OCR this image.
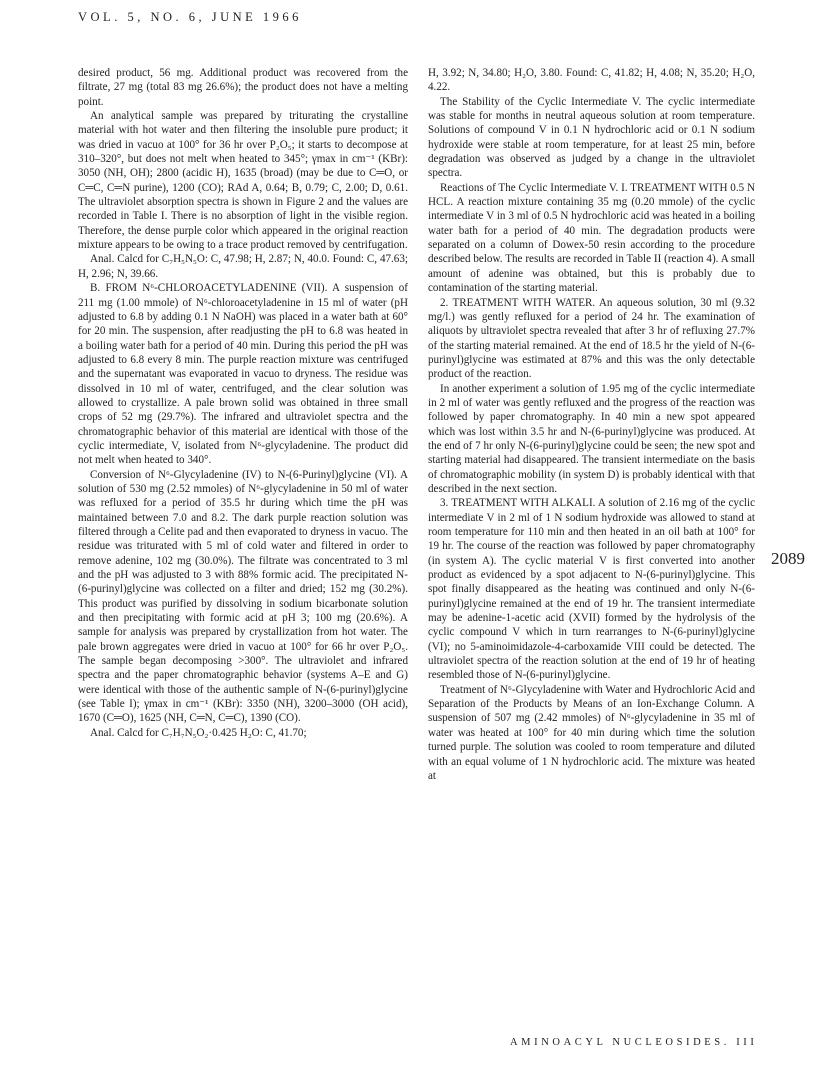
VOL. 5, NO. 6, JUNE 1966

desired product, 56 mg. Additional product was recovered from the filtrate, 27 mg (total 83 mg 26.6%); the product does not have a melting point.

An analytical sample was prepared by triturating the crystalline material with hot water and then filtering the insoluble pure product; it was dried in vacuo at 100° for 36 hr over P₂O₅; it starts to decompose at 310–320°, but does not melt when heated to 345°; γmax in cm⁻¹ (KBr): 3050 (NH, OH); 2800 (acidic H), 1635 (broad) (may be due to C═O, or C═C, C═N purine), 1200 (CO); RAd A, 0.64; B, 0.79; C, 2.00; D, 0.61. The ultraviolet absorption spectra is shown in Figure 2 and the values are recorded in Table I. There is no absorption of light in the visible region. Therefore, the dense purple color which appeared in the original reaction mixture appears to be owing to a trace product removed by centrifugation.

Anal. Calcd for C₇H₅N₅O: C, 47.98; H, 2.87; N, 40.0. Found: C, 47.63; H, 2.96; N, 39.66.

B. FROM N⁶-CHLOROACETYLADENINE (VII). A suspension of 211 mg (1.00 mmole) of N⁶-chloroacetyladenine in 15 ml of water (pH adjusted to 6.8 by adding 0.1 N NaOH) was placed in a water bath at 60° for 20 min. The suspension, after readjusting the pH to 6.8 was heated in a boiling water bath for a period of 40 min. During this period the pH was adjusted to 6.8 every 8 min. The purple reaction mixture was centrifuged and the supernatant was evaporated in vacuo to dryness. The residue was dissolved in 10 ml of water, centrifuged, and the clear solution was allowed to crystallize. A pale brown solid was obtained in three small crops of 52 mg (29.7%). The infrared and ultraviolet spectra and the chromatographic behavior of this material are identical with those of the cyclic intermediate, V, isolated from N⁶-glycyladenine. The product did not melt when heated to 340°.

Conversion of N⁶-Glycyladenine (IV) to N-(6-Purinyl)glycine (VI). A solution of 530 mg (2.52 mmoles) of N⁶-glycyladenine in 50 ml of water was refluxed for a period of 35.5 hr during which time the pH was maintained between 7.0 and 8.2. The dark purple reaction solution was filtered through a Celite pad and then evaporated to dryness in vacuo. The residue was triturated with 5 ml of cold water and filtered in order to remove adenine, 102 mg (30.0%). The filtrate was concentrated to 3 ml and the pH was adjusted to 3 with 88% formic acid. The precipitated N-(6-purinyl)glycine was collected on a filter and dried; 152 mg (30.2%). This product was purified by dissolving in sodium bicarbonate solution and then precipitating with formic acid at pH 3; 100 mg (20.6%). A sample for analysis was prepared by crystallization from hot water. The pale brown aggregates were dried in vacuo at 100° for 66 hr over P₂O₅. The sample began decomposing >300°. The ultraviolet and infrared spectra and the paper chromatographic behavior (systems A–E and G) were identical with those of the authentic sample of N-(6-purinyl)glycine (see Table I); γmax in cm⁻¹ (KBr): 3350 (NH), 3200–3000 (OH acid), 1670 (C═O), 1625 (NH, C═N, C═C), 1390 (CO).

Anal. Calcd for C₇H₇N₅O₂·0.425 H₂O: C, 41.70;

H, 3.92; N, 34.80; H₂O, 3.80. Found: C, 41.82; H, 4.08; N, 35.20; H₂O, 4.22.

The Stability of the Cyclic Intermediate V. The cyclic intermediate was stable for months in neutral aqueous solution at room temperature. Solutions of compound V in 0.1 N hydrochloric acid or 0.1 N sodium hydroxide were stable at room temperature, for at least 25 min, before degradation was observed as judged by a change in the ultraviolet spectra.

Reactions of The Cyclic Intermediate V. I. TREATMENT WITH 0.5 N HCL. A reaction mixture containing 35 mg (0.20 mmole) of the cyclic intermediate V in 3 ml of 0.5 N hydrochloric acid was heated in a boiling water bath for a period of 40 min. The degradation products were separated on a column of Dowex-50 resin according to the procedure described below. The results are recorded in Table II (reaction 4). A small amount of adenine was obtained, but this is probably due to contamination of the starting material.

2. TREATMENT WITH WATER. An aqueous solution, 30 ml (9.32 mg/l.) was gently refluxed for a period of 24 hr. The examination of aliquots by ultraviolet spectra revealed that after 3 hr of refluxing 27.7% of the starting material remained. At the end of 18.5 hr the yield of N-(6-purinyl)glycine was estimated at 87% and this was the only detectable product of the reaction.

In another experiment a solution of 1.95 mg of the cyclic intermediate in 2 ml of water was gently refluxed and the progress of the reaction was followed by paper chromatography. In 40 min a new spot appeared which was lost within 3.5 hr and N-(6-purinyl)glycine was produced. At the end of 7 hr only N-(6-purinyl)glycine could be seen; the new spot and starting material had disappeared. The transient intermediate on the basis of chromatographic mobility (in system D) is probably identical with that described in the next section.

3. TREATMENT WITH ALKALI. A solution of 2.16 mg of the cyclic intermediate V in 2 ml of 1 N sodium hydroxide was allowed to stand at room temperature for 110 min and then heated in an oil bath at 100° for 19 hr. The course of the reaction was followed by paper chromatography (in system A). The cyclic material V is first converted into another product as evidenced by a spot adjacent to N-(6-purinyl)glycine. This spot finally disappeared as the heating was continued and only N-(6-purinyl)glycine remained at the end of 19 hr. The transient intermediate may be adenine-1-acetic acid (XVII) formed by the hydrolysis of the cyclic compound V which in turn rearranges to N-(6-purinyl)glycine (VI); no 5-aminoimidazole-4-carboxamide VIII could be detected. The ultraviolet spectra of the reaction solution at the end of 19 hr of heating resembled those of N-(6-purinyl)glycine.

Treatment of N⁶-Glycyladenine with Water and Hydrochloric Acid and Separation of the Products by Means of an Ion-Exchange Column. A suspension of 507 mg (2.42 mmoles) of N⁶-glycyladenine in 35 ml of water was heated at 100° for 40 min during which time the solution turned purple. The solution was cooled to room temperature and diluted with an equal volume of 1 N hydrochloric acid. The mixture was heated at

2089
AMINOACYL NUCLEOSIDES. III
